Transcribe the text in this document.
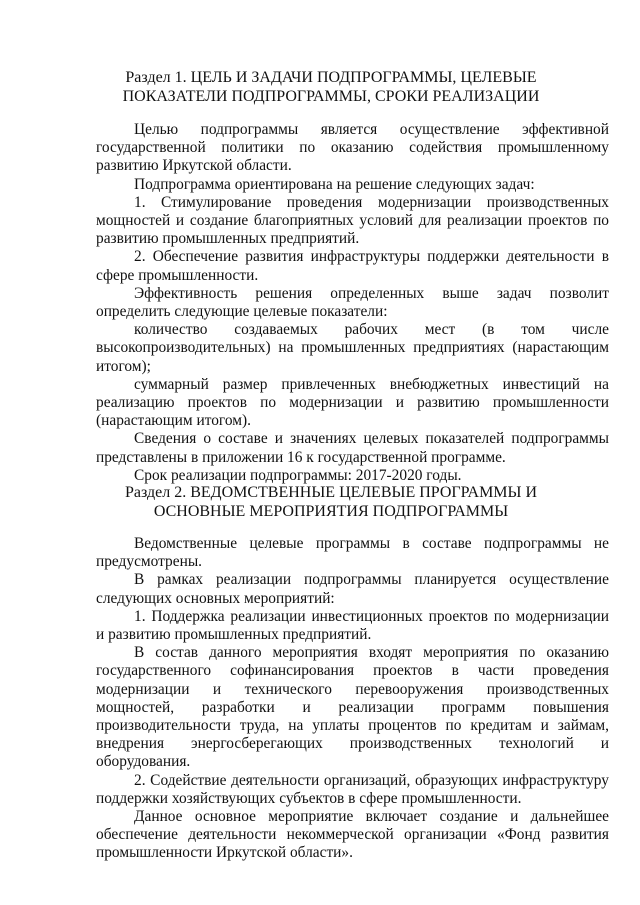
Раздел 1. ЦЕЛЬ И ЗАДАЧИ ПОДПРОГРАММЫ, ЦЕЛЕВЫЕ
ПОКАЗАТЕЛИ ПОДПРОГРАММЫ, СРОКИ РЕАЛИЗАЦИИ

Целью подпрограммы является осуществление эффективной государственной политики по оказанию содействия промышленному развитию Иркутской области.

Подпрограмма ориентирована на решение следующих задач:

1. Стимулирование проведения модернизации производственных мощностей и создание благоприятных условий для реализации проектов по развитию промышленных предприятий.

2. Обеспечение развития инфраструктуры поддержки деятельности в сфере промышленности.

Эффективность решения определенных выше задач позволит определить следующие целевые показатели:

количество создаваемых рабочих мест (в том числе высокопроизводительных) на промышленных предприятиях (нарастающим итогом);

суммарный размер привлеченных внебюджетных инвестиций на реализацию проектов по модернизации и развитию промышленности (нарастающим итогом).

Сведения о составе и значениях целевых показателей подпрограммы представлены в приложении 16 к государственной программе.

Срок реализации подпрограммы: 2017-2020 годы.

Раздел 2. ВЕДОМСТВЕННЫЕ ЦЕЛЕВЫЕ ПРОГРАММЫ И
ОСНОВНЫЕ МЕРОПРИЯТИЯ ПОДПРОГРАММЫ

Ведомственные целевые программы в составе подпрограммы не предусмотрены.

В рамках реализации подпрограммы планируется осуществление следующих основных мероприятий:

1. Поддержка реализации инвестиционных проектов по модернизации и развитию промышленных предприятий.

В состав данного мероприятия входят мероприятия по оказанию государственного софинансирования проектов в части проведения модернизации и технического перевооружения производственных мощностей, разработки и реализации программ повышения производительности труда, на уплаты процентов по кредитам и займам, внедрения энергосберегающих производственных технологий и оборудования.

2. Содействие деятельности организаций, образующих инфраструктуру поддержки хозяйствующих субъектов в сфере промышленности.

Данное основное мероприятие включает создание и дальнейшее обеспечение деятельности некоммерческой организации «Фонд развития промышленности Иркутской области».
